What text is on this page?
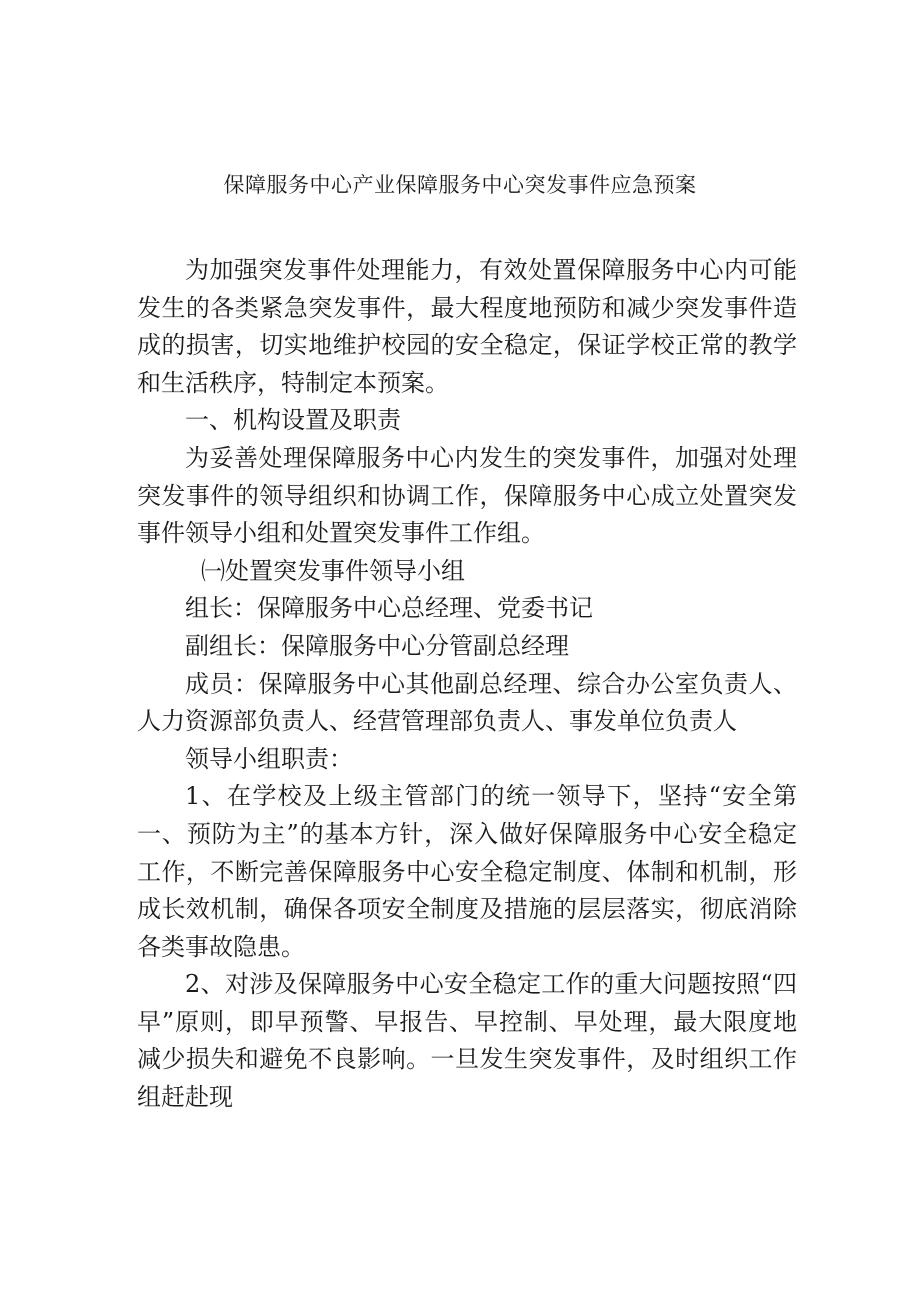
保障服务中心产业保障服务中心突发事件应急预案

为加强突发事件处理能力，有效处置保障服务中心内可能发生的各类紧急突发事件，最大程度地预防和减少突发事件造成的损害，切实地维护校园的安全稳定，保证学校正常的教学和生活秩序，特制定本预案。

一、机构设置及职责

为妥善处理保障服务中心内发生的突发事件，加强对处理突发事件的领导组织和协调工作，保障服务中心成立处置突发事件领导小组和处置突发事件工作组。

㈠处置突发事件领导小组

组长：保障服务中心总经理、党委书记

副组长：保障服务中心分管副总经理

成员：保障服务中心其他副总经理、综合办公室负责人、人力资源部负责人、经营管理部负责人、事发单位负责人

领导小组职责：

1、在学校及上级主管部门的统一领导下，坚持“安全第一、预防为主”的基本方针，深入做好保障服务中心安全稳定工作，不断完善保障服务中心安全稳定制度、体制和机制，形成长效机制，确保各项安全制度及措施的层层落实，彻底消除各类事故隐患。

2、对涉及保障服务中心安全稳定工作的重大问题按照“四早”原则，即早预警、早报告、早控制、早处理，最大限度地减少损失和避免不良影响。一旦发生突发事件，及时组织工作组赶赴现
